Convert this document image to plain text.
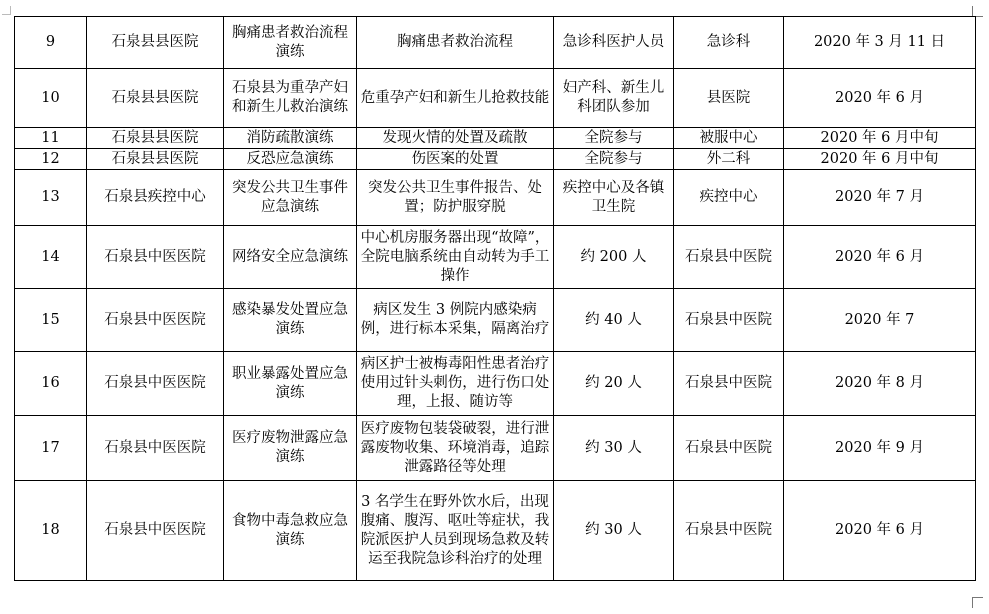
9	石泉县县医院	胸痛患者救治流程演练	胸痛患者救治流程	急诊科医护人员	急诊科	2020 年 3 月 11 日
10	石泉县县医院	石泉县为重孕产妇和新生儿救治演练	危重孕产妇和新生儿抢救技能	妇产科、新生儿科团队参加	县医院	2020 年 6 月
11	石泉县县医院	消防疏散演练	发现火情的处置及疏散	全院参与	被服中心	2020 年 6 月中旬
12	石泉县县医院	反恐应急演练	伤医案的处置	全院参与	外二科	2020 年 6 月中旬
13	石泉县疾控中心	突发公共卫生事件应急演练	突发公共卫生事件报告、处置；防护服穿脱	疾控中心及各镇卫生院	疾控中心	2020 年 7 月
14	石泉县中医医院	网络安全应急演练	中心机房服务器出现“故障”，全院电脑系统由自动转为手工操作	约 200 人	石泉县中医院	2020 年 6 月
15	石泉县中医医院	感染暴发处置应急演练	病区发生 3 例院内感染病例，进行标本采集，隔离治疗	约 40 人	石泉县中医院	2020 年 7
16	石泉县中医医院	职业暴露处置应急演练	病区护士被梅毒阳性患者治疗使用过针头刺伤，进行伤口处理，上报、随访等	约 20 人	石泉县中医院	2020 年 8 月
17	石泉县中医医院	医疗废物泄露应急演练	医疗废物包装袋破裂，进行泄露废物收集、环境消毒，追踪泄露路径等处理	约 30 人	石泉县中医院	2020 年 9 月
18	石泉县中医医院	食物中毒急救应急演练	3 名学生在野外饮水后，出现腹痛、腹泻、呕吐等症状，我院派医护人员到现场急救及转运至我院急诊科治疗的处理	约 30 人	石泉县中医院	2020 年 6 月
